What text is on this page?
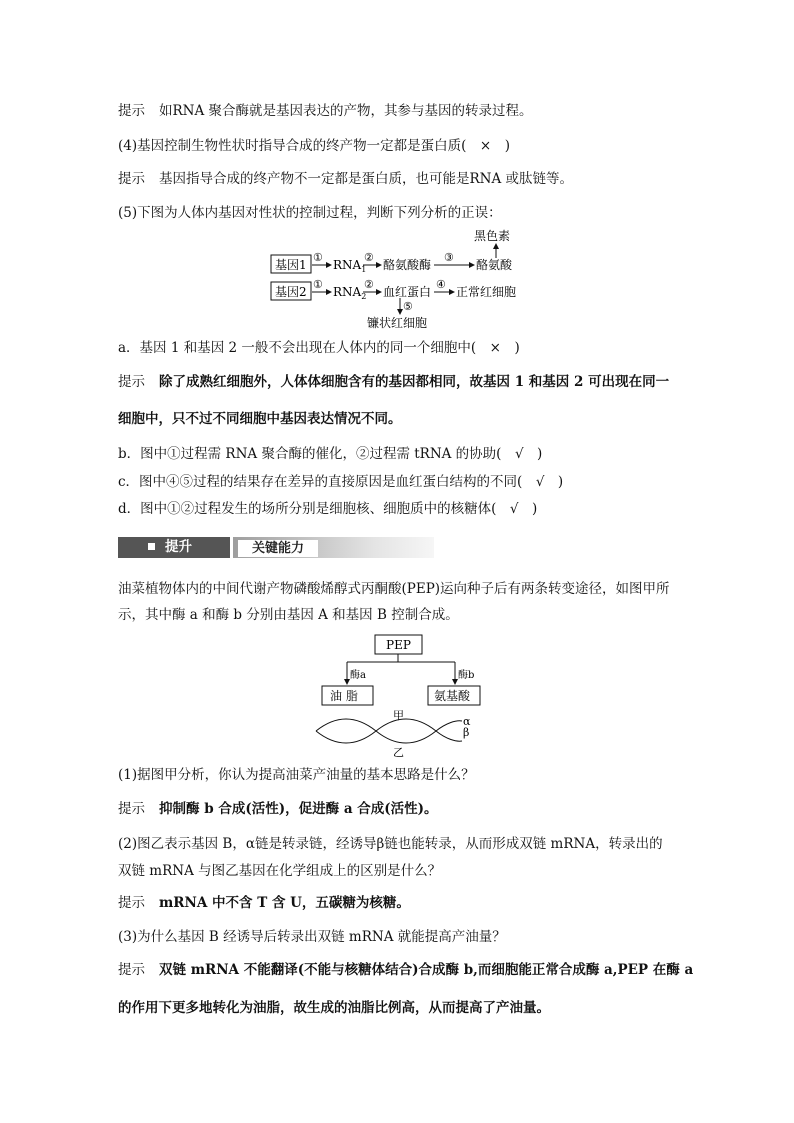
提示 如RNA 聚合酶就是基因表达的产物，其参与基因的转录过程。
(4)基因控制生物性状时指导合成的终产物一定都是蛋白质(　×　)
提示 基因指导合成的终产物不一定都是蛋白质，也可能是RNA 或肽链等。
(5)下图为人体内基因对性状的控制过程，判断下列分析的正误：
黑色素
基因1
①
$RNA_1$
②
酪氨酸酶
③
酪氨酸
基因2
①
$RNA_2$
②
血红蛋白
④
正常红细胞
⑤
镰状红细胞
a．基因 1 和基因 2 一般不会出现在人体内的同一个细胞中(　×　)
提示 除了成熟红细胞外，人体体细胞含有的基因都相同，故基因 1 和基因 2 可出现在同一
细胞中，只不过不同细胞中基因表达情况不同。
b．图中①过程需 RNA 聚合酶的催化，②过程需 tRNA 的协助(　√　)
c．图中④⑤过程的结果存在差异的直接原因是血红蛋白结构的不同(　√　)
d．图中①②过程发生的场所分别是细胞核、细胞质中的核糖体(　√　)
提升	关键能力
油菜植物体内的中间代谢产物磷酸烯醇式丙酮酸(PEP)运向种子后有两条转变途径，如图甲所
示，其中酶 a 和酶 b 分别由基因 A 和基因 B 控制合成。
PEP
酶a	酶b
油 脂	氨基酸
甲	α
β
乙
(1)据图甲分析，你认为提高油菜产油量的基本思路是什么？
提示 抑制酶 b 合成(活性)，促进酶 a 合成(活性)。
(2)图乙表示基因 B，α链是转录链，经诱导β链也能转录，从而形成双链 mRNA，转录出的
双链 mRNA 与图乙基因在化学组成上的区别是什么？
提示 mRNA 中不含 T 含 U，五碳糖为核糖。
(3)为什么基因 B 经诱导后转录出双链 mRNA 就能提高产油量？
提示 双链 mRNA 不能翻译(不能与核糖体结合)合成酶 b,而细胞能正常合成酶 a,PEP 在酶 a
的作用下更多地转化为油脂，故生成的油脂比例高，从而提高了产油量。
